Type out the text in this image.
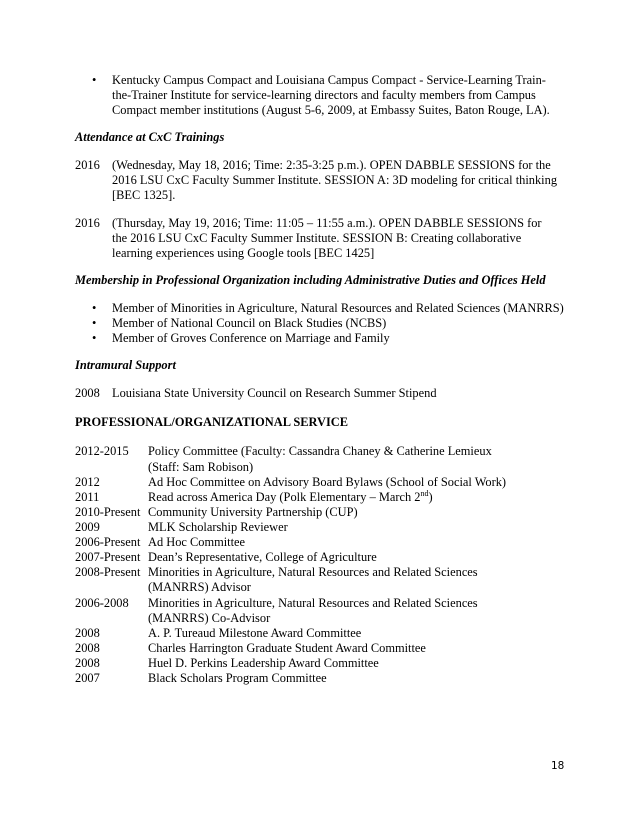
• Kentucky Campus Compact and Louisiana Campus Compact - Service-Learning Train-
the-Trainer Institute for service-learning directors and faculty members from Campus
Compact member institutions (August 5-6, 2009, at Embassy Suites, Baton Rouge, LA).
Attendance at CxC Trainings
2016 (Wednesday, May 18, 2016; Time: 2:35-3:25 p.m.). OPEN DABBLE SESSIONS for the
2016 LSU CxC Faculty Summer Institute. SESSION A: 3D modeling for critical thinking
[BEC 1325].
2016 (Thursday, May 19, 2016; Time: 11:05 – 11:55 a.m.). OPEN DABBLE SESSIONS for
the 2016 LSU CxC Faculty Summer Institute. SESSION B: Creating collaborative
learning experiences using Google tools [BEC 1425]
Membership in Professional Organization including Administrative Duties and Offices Held
• Member of Minorities in Agriculture, Natural Resources and Related Sciences (MANRRS)
• Member of National Council on Black Studies (NCBS)
• Member of Groves Conference on Marriage and Family
Intramural Support
2008 Louisiana State University Council on Research Summer Stipend
PROFESSIONAL/ORGANIZATIONAL SERVICE
2012-2015 Policy Committee (Faculty: Cassandra Chaney & Catherine Lemieux
(Staff: Sam Robison)
2012	Ad Hoc Committee on Advisory Board Bylaws (School of Social Work)
2011	Read across America Day (Polk Elementary – March 2nd)
2010-Present Community University Partnership (CUP)
2009	MLK Scholarship Reviewer
2006-Present Ad Hoc Committee
2007-Present Dean’s Representative, College of Agriculture
2008-Present Minorities in Agriculture, Natural Resources and Related Sciences
(MANRRS) Advisor
2006-2008 Minorities in Agriculture, Natural Resources and Related Sciences
(MANRRS) Co-Advisor
2008	A. P. Tureaud Milestone Award Committee
2008	Charles Harrington Graduate Student Award Committee
2008	Huel D. Perkins Leadership Award Committee
2007	Black Scholars Program Committee
18
